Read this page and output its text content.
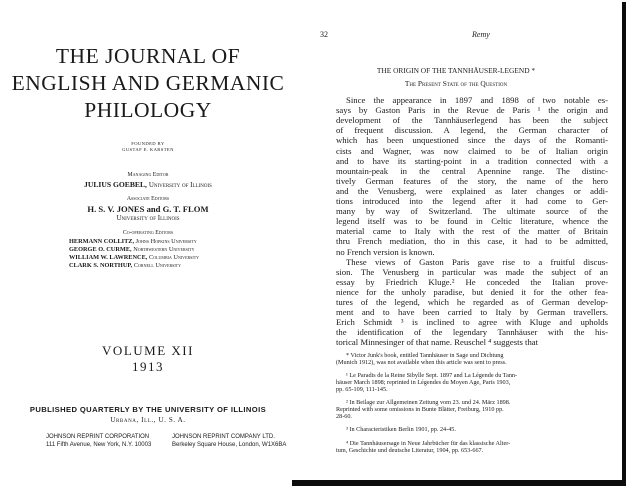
THE JOURNAL OF
ENGLISH AND GERMANIC
PHILOLOGY
FOUNDED BY
GUSTAF E. KARSTEN
Managing Editor
JULIUS GOEBEL, University of Illinois
Associate Editors
H. S. V. JONES and G. T. FLOM
University of Illinois
Co-operating Editors
HERMANN COLLITZ, Johns Hopkins University
GEORGE O. CURME, Northwestern University
WILLIAM W. LAWRENCE, Columbia University
CLARK S. NORTHUP, Cornell University
VOLUME XII
1913
PUBLISHED QUARTERLY BY THE UNIVERSITY OF ILLINOIS
Urbana, Ill., U. S. A.
JOHNSON REPRINT CORPORATION
111 Fifth Avenue, New York, N.Y. 10003
JOHNSON REPRINT COMPANY LTD.
Berkeley Square House, London, W1X6BA
32	Remy
THE ORIGIN OF THE TANNHÄUSER-LEGEND *
The Present State of the Question
Since the appearance in 1897 and 1898 of two notable es-
says by Gaston Paris in the Revue de Paris ¹ the origin and
development of the Tannhäuserlegend has been the subject
of frequent discussion. A legend, the German character of
which has been unquestioned since the days of the Romanti-
cists and Wagner, was now claimed to be of Italian origin
and to have its starting-point in a tradition connected with a
mountain-peak in the central Apennine range. The distinc-
tively German features of the story, the name of the hero
and the Venusberg, were explained as later changes or addi-
tions introduced into the legend after it had come to Ger-
many by way of Switzerland. The ultimate source of the
legend itself was to be found in Celtic literature, whence the
material came to Italy with the rest of the matter of Britain
thru French mediation, tho in this case, it had to be admitted,
no French version is known.
These views of Gaston Paris gave rise to a fruitful discus-
sion. The Venusberg in particular was made the subject of an
essay by Friedrich Kluge.² He conceded the Italian prove-
nience for the unholy paradise, but denied it for the other fea-
tures of the legend, which he regarded as of German develop-
ment and to have been carried to Italy by German travellers.
Erich Schmidt ³ is inclined to agree with Kluge and upholds
the identification of the legendary Tannhäuser with the his-
torical Minnesinger of that name. Reuschel ⁴ suggests that
* Victor Junk's book, entitled Tannhäuser in Sage und Dichtung
(Munich 1912), was not available when this article was sent to press.
¹ Le Paradis de la Reine Sibylle Sept. 1897 and La Légende du Tann-
häuser March 1898; reprinted in Légendes du Moyen Age, Paris 1903,
pp. 65-109, 111-145.
² In Beilage zur Allgemeinen Zeitung vom 23. und 24. März 1898.
Reprinted with some omissions in Bunte Blätter, Freiburg, 1910 pp.
28-60.
³ In Characteristiken Berlin 1901, pp. 24-45.
⁴ Die Tannhäusersage in Neue Jahrbücher für das klassische Alter-
tum, Geschichte und deutsche Literatur, 1904, pp. 653-667.
